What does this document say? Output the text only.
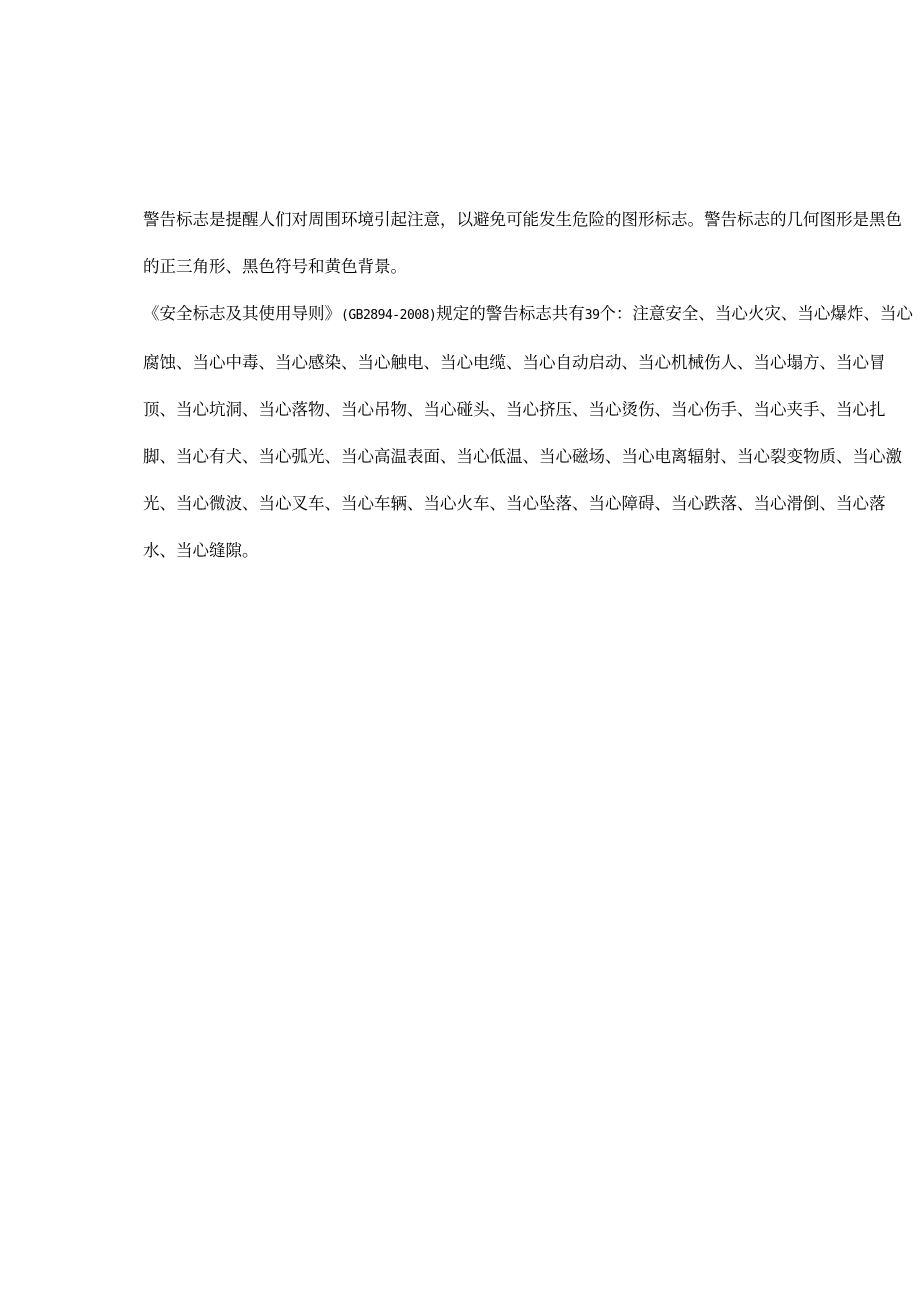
警告标志是提醒人们对周围环境引起注意，以避免可能发生危险的图形标志。警告标志的几何图形是黑色的正三角形、黑色符号和黄色背景。

《安全标志及其使用导则》(GB2894-2008)规定的警告标志共有39个：注意安全、当心火灾、当心爆炸、当心腐蚀、当心中毒、当心感染、当心触电、当心电缆、当心自动启动、当心机械伤人、当心塌方、当心冒顶、当心坑洞、当心落物、当心吊物、当心碰头、当心挤压、当心烫伤、当心伤手、当心夹手、当心扎脚、当心有犬、当心弧光、当心高温表面、当心低温、当心磁场、当心电离辐射、当心裂变物质、当心激光、当心微波、当心叉车、当心车辆、当心火车、当心坠落、当心障碍、当心跌落、当心滑倒、当心落水、当心缝隙。
